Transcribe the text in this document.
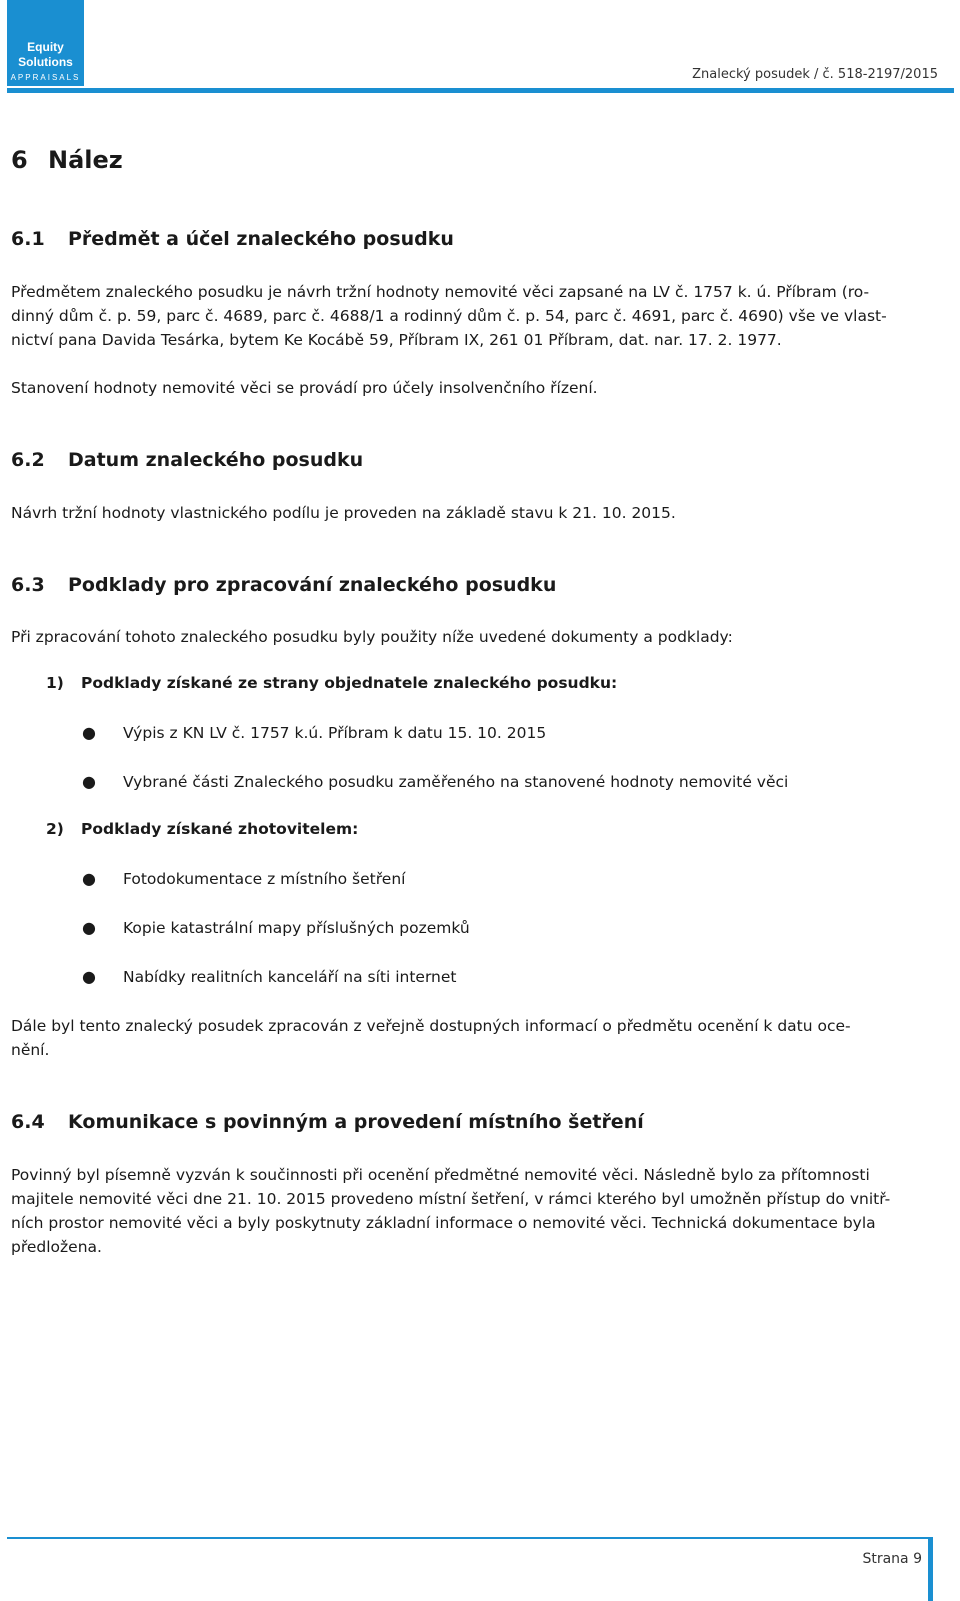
Equity
Solutions
APPRAISALS	Znalecký posudek / č. 518-2197/2015
6 Nález
6.1 Předmět a účel znaleckého posudku

Předmětem znaleckého posudku je návrh tržní hodnoty nemovité věci zapsané na LV č. 1757 k. ú. Příbram (ro-
dinný dům č. p. 59, parc č. 4689, parc č. 4688/1 a rodinný dům č. p. 54, parc č. 4691, parc č. 4690) vše ve vlast-
nictví pana Davida Tesárka, bytem Ke Kocábě 59, Příbram IX, 261 01 Příbram, dat. nar. 17. 2. 1977.

Stanovení hodnoty nemovité věci se provádí pro účely insolvenčního řízení.

6.2 Datum znaleckého posudku

Návrh tržní hodnoty vlastnického podílu je proveden na základě stavu k 21. 10. 2015.

6.3 Podklady pro zpracování znaleckého posudku

Při zpracování tohoto znaleckého posudku byly použity níže uvedené dokumenty a podklady:

1) Podklady získané ze strany objednatele znaleckého posudku:
● Výpis z KN LV č. 1757 k.ú. Příbram k datu 15. 10. 2015
● Vybrané části Znaleckého posudku zaměřeného na stanovené hodnoty nemovité věci
2) Podklady získané zhotovitelem:
● Fotodokumentace z místního šetření
● Kopie katastrální mapy příslušných pozemků
● Nabídky realitních kanceláří na síti internet

Dále byl tento znalecký posudek zpracován z veřejně dostupných informací o předmětu ocenění k datu oce-
nění.

6.4 Komunikace s povinným a provedení místního šetření

Povinný byl písemně vyzván k součinnosti při ocenění předmětné nemovité věci. Následně bylo za přítomnosti
majitele nemovité věci dne 21. 10. 2015 provedeno místní šetření, v rámci kterého byl umožněn přístup do vnitř-
ních prostor nemovité věci a byly poskytnuty základní informace o nemovité věci. Technická dokumentace byla
předložena.

Strana 9
